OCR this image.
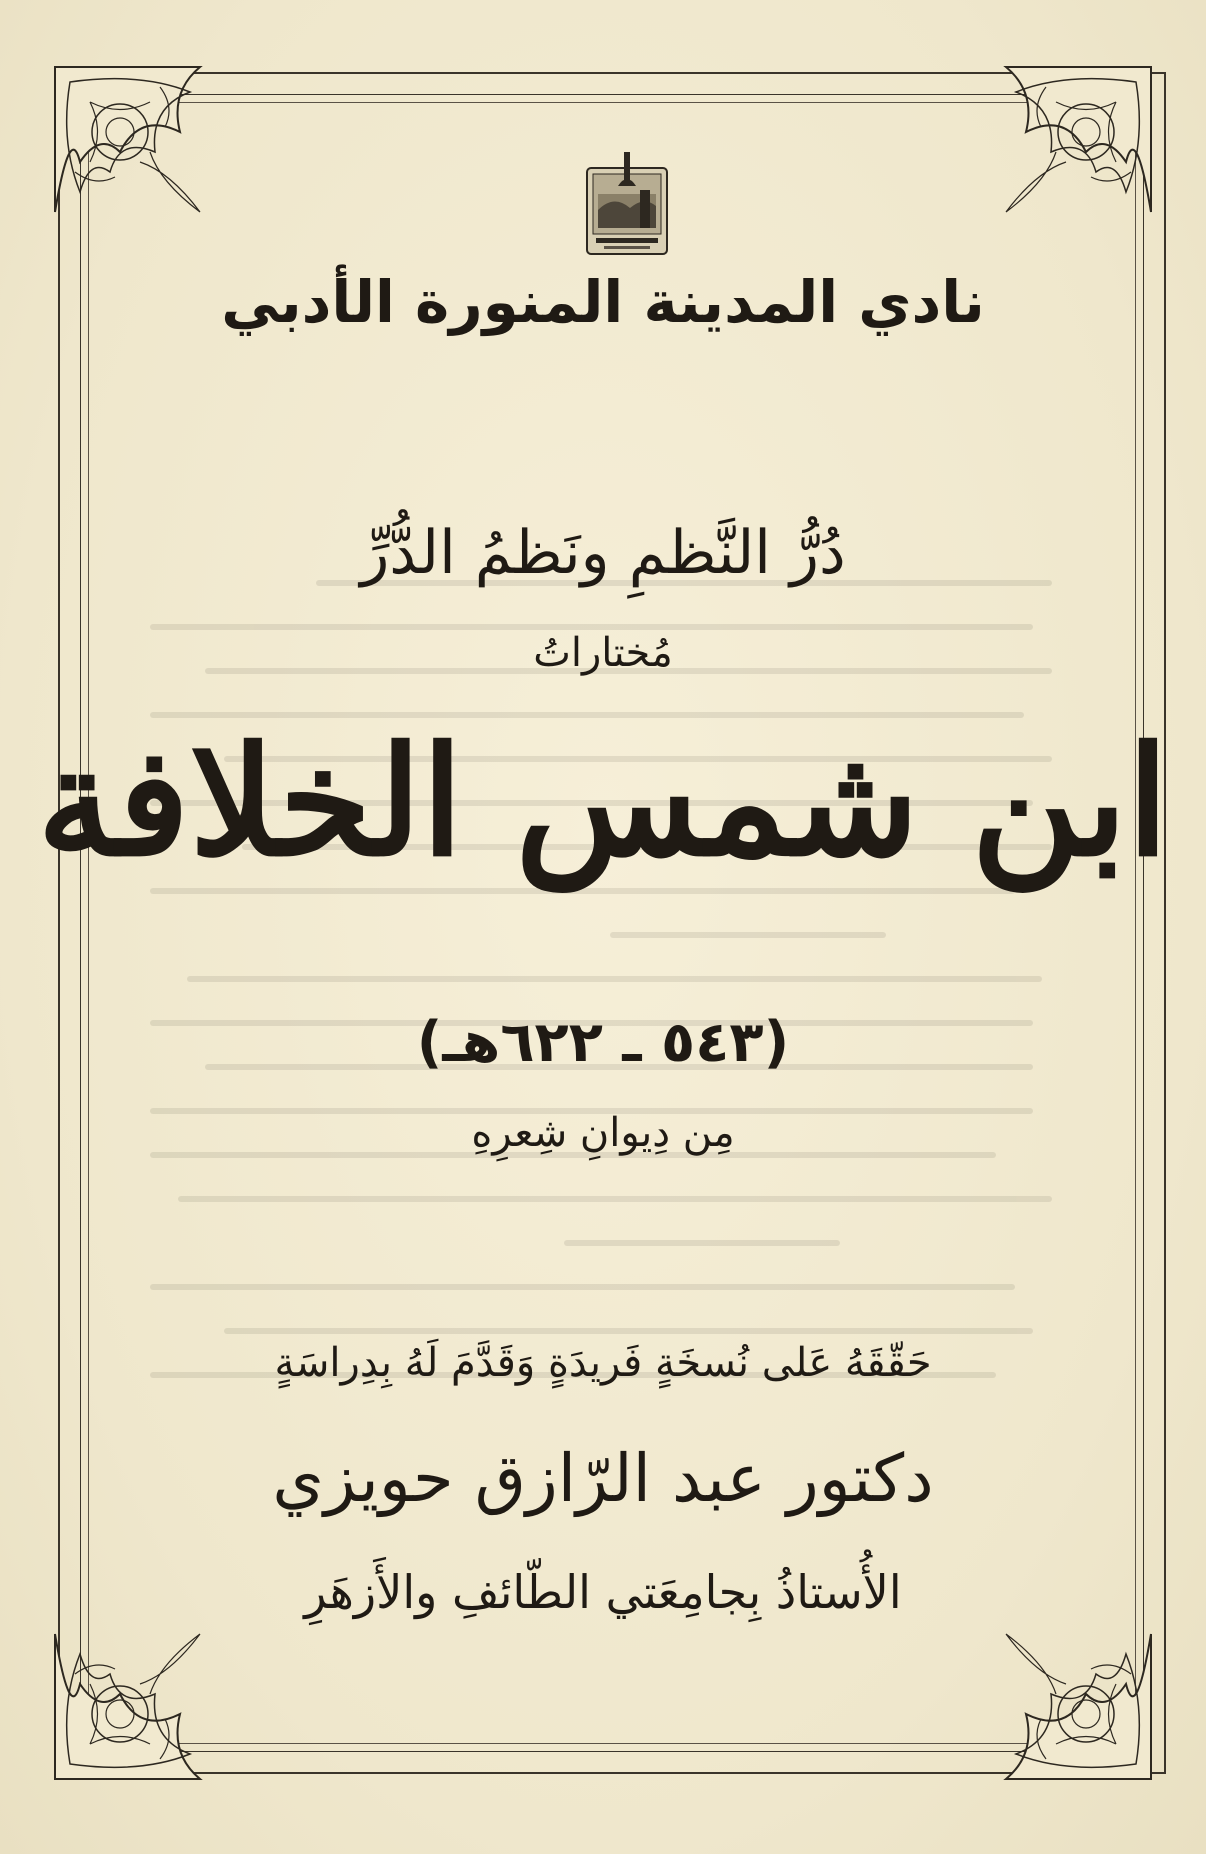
نادي المدينة المنورة الأدبي
دُرُّ النَّظمِ ونَظمُ الدُّرِّ
مُختاراتُ
ابن شمس الخلافة
(٥٤٣ ـ ٦٢٢هـ)
مِن دِيوانِ شِعرِهِ
حَقّقَهُ عَلى نُسخَةٍ فَريدَةٍ وَقَدَّمَ لَهُ بِدِراسَةٍ
دكتور عبد الرّازق حويزي
الأُستاذُ بِجامِعَتي الطّائفِ والأَزهَرِ
